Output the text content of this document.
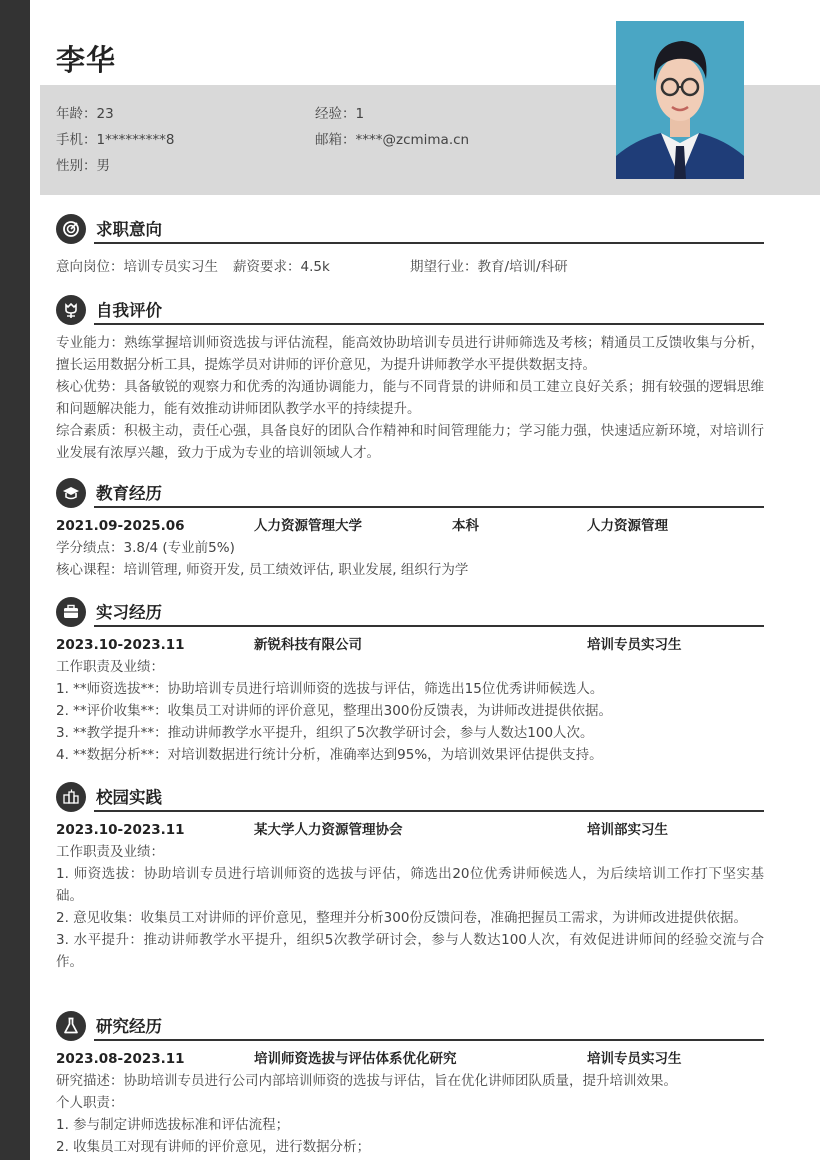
李华
年龄：23	经验：1
手机：1*********8	邮箱：****@zcmima.cn
性别：男
求职意向
意向岗位：培训专员实习生 薪资要求：4.5k	期望行业：教育/培训/科研
自我评价

专业能力：熟练掌握培训师资选拔与评估流程，能高效协助培训专员进行讲师筛选及考核；精通员工反馈收集与分析，擅长运用数据分析工具，提炼学员对讲师的评价意见，为提升讲师教学水平提供数据支持。

核心优势：具备敏锐的观察力和优秀的沟通协调能力，能与不同背景的讲师和员工建立良好关系；拥有较强的逻辑思维和问题解决能力，能有效推动讲师团队教学水平的持续提升。

综合素质：积极主动，责任心强，具备良好的团队合作精神和时间管理能力；学习能力强，快速适应新环境，对培训行业发展有浓厚兴趣，致力于成为专业的培训领域人才。

教育经历
2021.09-2025.06	人力资源管理大学	本科	人力资源管理
学分绩点：3.8/4 (专业前5%)
核心课程：培训管理, 师资开发, 员工绩效评估, 职业发展, 组织行为学
实习经历
2023.10-2023.11	新锐科技有限公司	培训专员实习生
工作职责及业绩：
1. **师资选拔**：协助培训专员进行培训师资的选拔与评估，筛选出15位优秀讲师候选人。
2. **评价收集**：收集员工对讲师的评价意见，整理出300份反馈表，为讲师改进提供依据。
3. **教学提升**：推动讲师教学水平提升，组织了5次教学研讨会，参与人数达100人次。
4. **数据分析**：对培训数据进行统计分析，准确率达到95%，为培训效果评估提供支持。
校园实践
2023.10-2023.11	某大学人力资源管理协会	培训部实习生
工作职责及业绩：

1. 师资选拔：协助培训专员进行培训师资的选拔与评估，筛选出20位优秀讲师候选人，为后续培训工作打下坚实基础。

2. 意见收集：收集员工对讲师的评价意见，整理并分析300份反馈问卷，准确把握员工需求，为讲师改进提供依据。

3. 水平提升：推动讲师教学水平提升，组织5次教学研讨会，参与人数达100人次，有效促进讲师间的经验交流与合作。

研究经历
2023.08-2023.11	培训师资选拔与评估体系优化研究	培训专员实习生
研究描述：协助培训专员进行公司内部培训师资的选拔与评估，旨在优化讲师团队质量，提升培训效果。
个人职责：
1. 参与制定讲师选拔标准和评估流程；
2. 收集员工对现有讲师的评价意见，进行数据分析；
